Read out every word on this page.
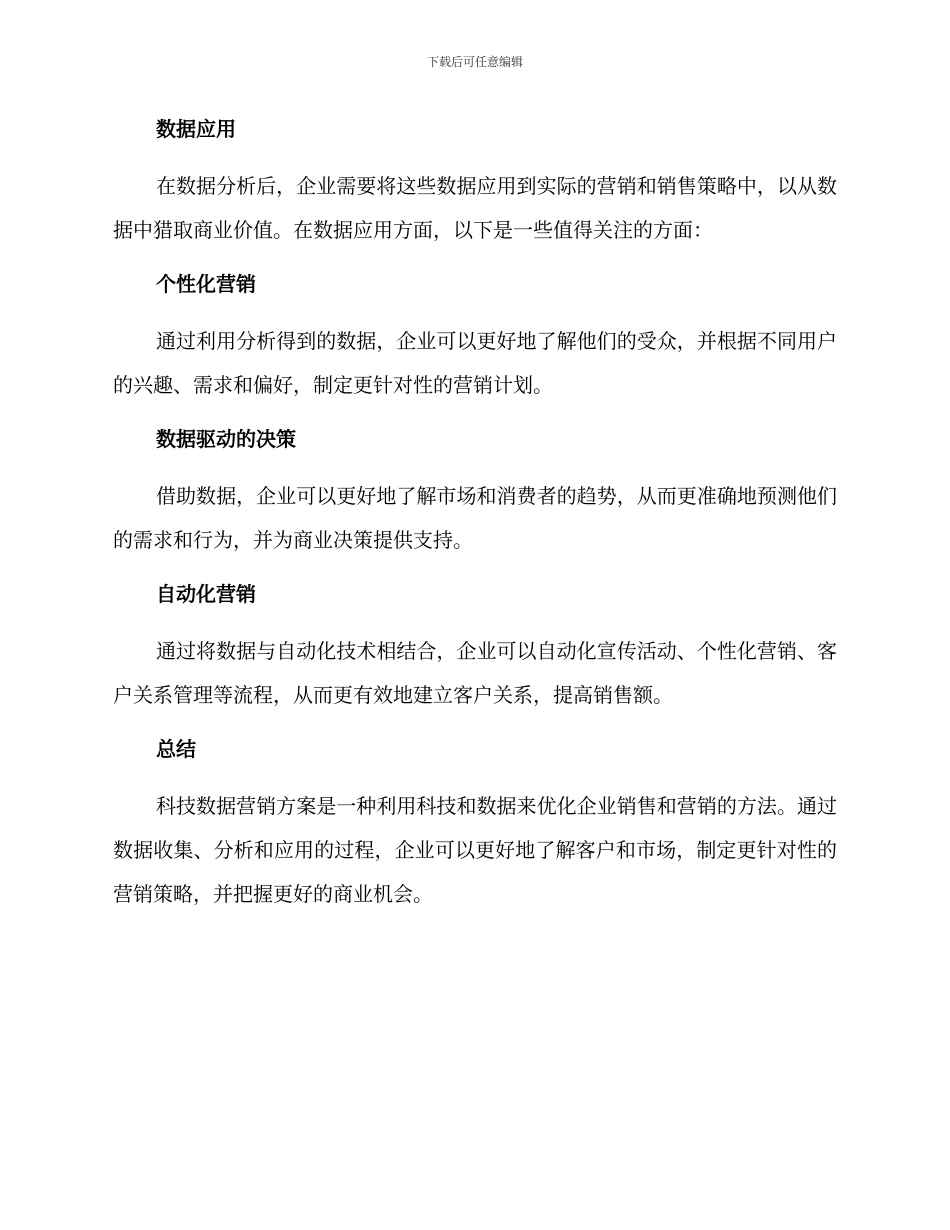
下载后可任意编辑
数据应用

在数据分析后，企业需要将这些数据应用到实际的营销和销售策略中，以从数据中猎取商业价值。在数据应用方面，以下是一些值得关注的方面：

个性化营销

通过利用分析得到的数据，企业可以更好地了解他们的受众，并根据不同用户的兴趣、需求和偏好，制定更针对性的营销计划。

数据驱动的决策

借助数据，企业可以更好地了解市场和消费者的趋势，从而更准确地预测他们的需求和行为，并为商业决策提供支持。

自动化营销

通过将数据与自动化技术相结合，企业可以自动化宣传活动、个性化营销、客户关系管理等流程，从而更有效地建立客户关系，提高销售额。

总结

科技数据营销方案是一种利用科技和数据来优化企业销售和营销的方法。通过数据收集、分析和应用的过程，企业可以更好地了解客户和市场，制定更针对性的营销策略，并把握更好的商业机会。
